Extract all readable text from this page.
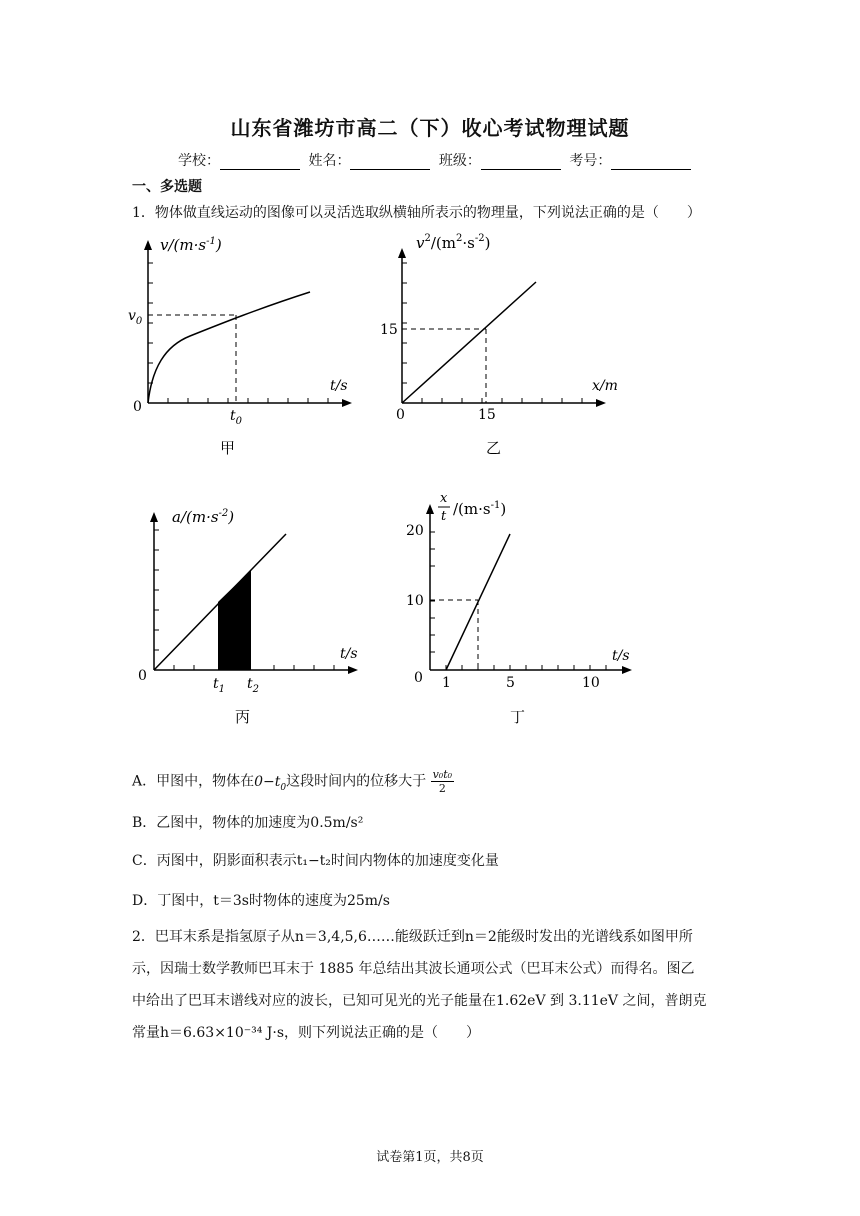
山东省潍坊市高二（下）收心考试物理试题
学校：	姓名：	班级：	考号：
一、多选题
1．物体做直线运动的图像可以灵活选取纵横轴所表示的物理量，下列说法正确的是（　　）
$v/(m\cdot s^{-1})$
t/s
0
$v_0$
$t_0$
甲
$v^2/(m^2\cdot s^{-2})$
x/m
0
15
15
乙
$a/(m\cdot s^{-2})$
t/s
0	$t_1$ $t_2$
丙
x
t $/(m\cdot s^{-1})$
t/s
0
20
10
1	5	10
丁
A．甲图中，物体在$0-t_0$这段时间内的位移大于 $\frac{\text{v₀t₀}}{2}$
B．乙图中，物体的加速度为0.5m/s²
C．丙图中，阴影面积表示t₁−t₂时间内物体的加速度变化量
D．丁图中，t＝3s时物体的速度为25m/s
2．巴耳末系是指氢原子从n＝3,4,5,6……能级跃迁到n＝2能级时发出的光谱线系如图甲所
示，因瑞士数学教师巴耳末于 1885 年总结出其波长通项公式（巴耳末公式）而得名。图乙
中给出了巴耳末谱线对应的波长，已知可见光的光子能量在1.62eV 到 3.11eV 之间，普朗克
常量h＝6.63×10⁻³⁴ J·s，则下列说法正确的是（　　）
试卷第1页，共8页
